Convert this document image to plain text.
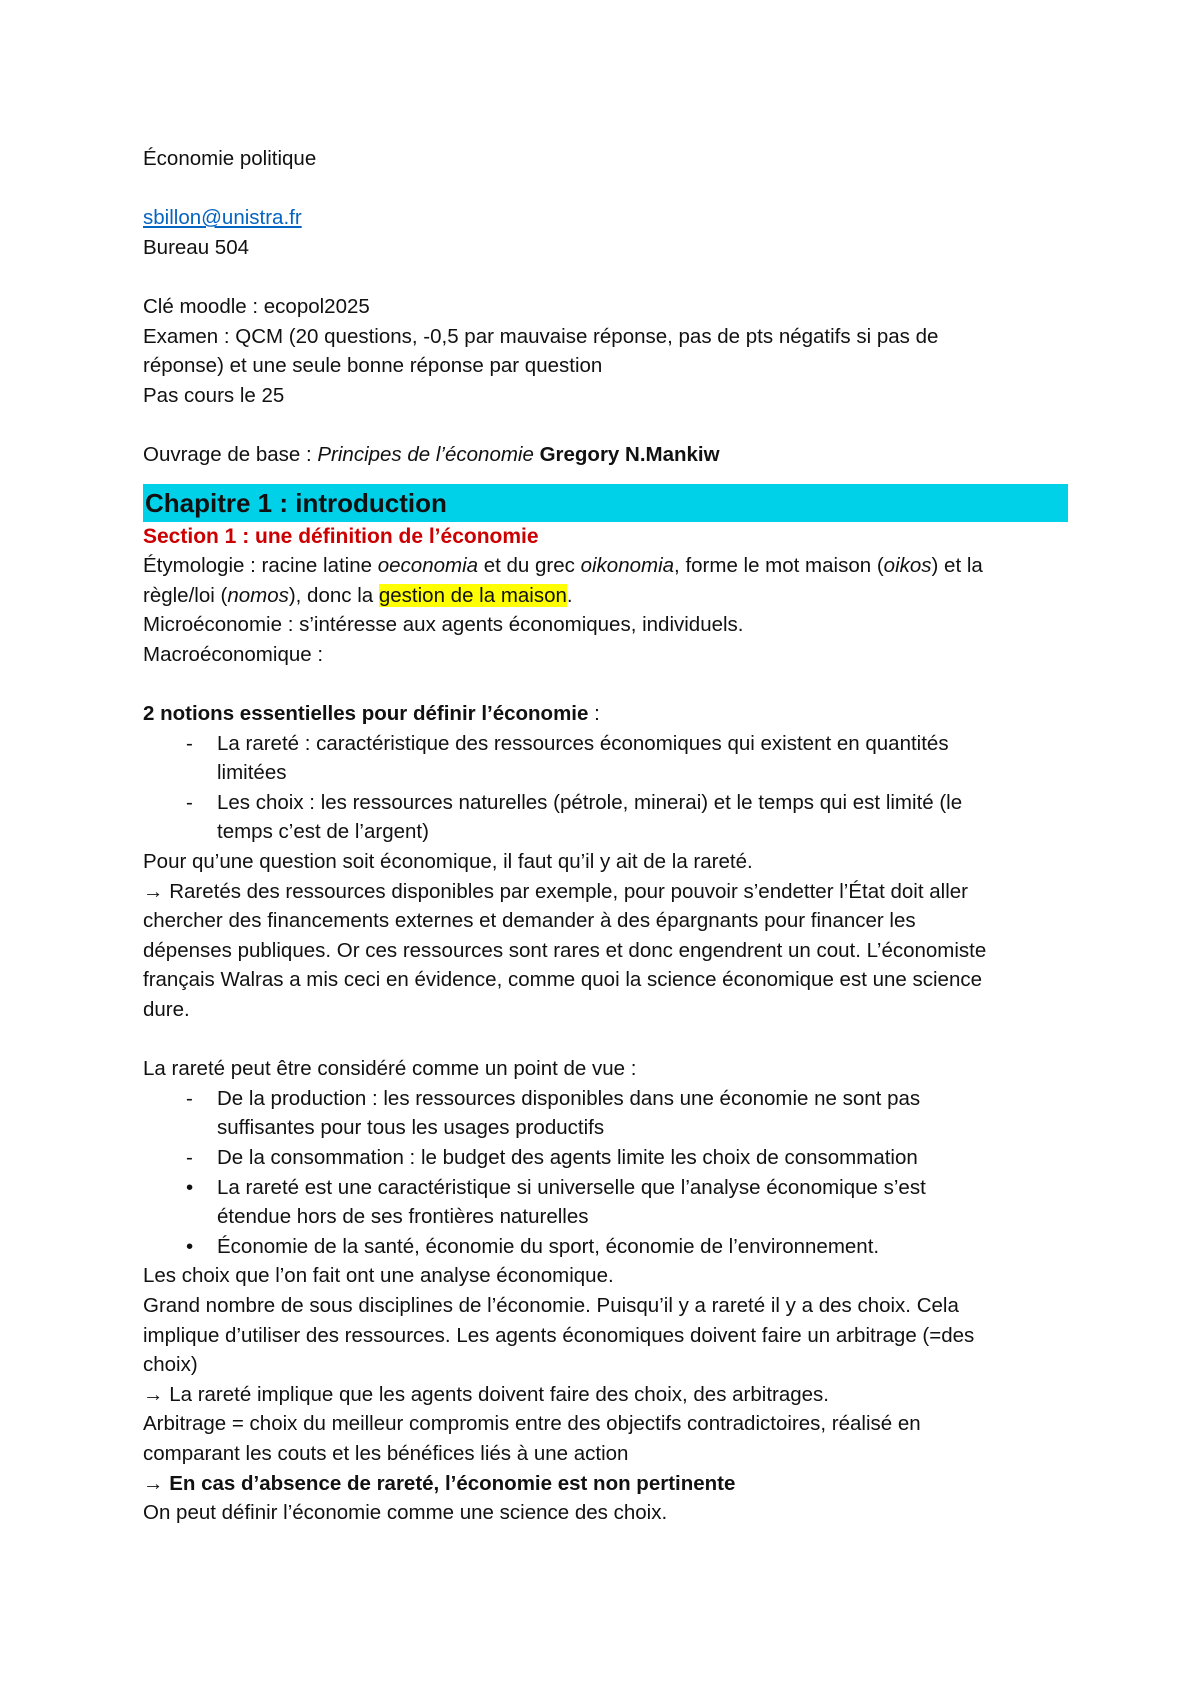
Économie politique
sbillon@unistra.fr
Bureau 504
Clé moodle : ecopol2025
Examen : QCM (20 questions, -0,5 par mauvaise réponse, pas de pts négatifs si pas de
réponse) et une seule bonne réponse par question
Pas cours le 25
Ouvrage de base : Principes de l’économie Gregory N.Mankiw
Chapitre 1 : introduction
Section 1 : une définition de l’économie
Étymologie : racine latine oeconomia et du grec oikonomia, forme le mot maison (oikos) et la
règle/loi (nomos), donc la gestion de la maison.
Microéconomie : s’intéresse aux agents économiques, individuels.
Macroéconomique :
2 notions essentielles pour définir l’économie :
-	La rareté : caractéristique des ressources économiques qui existent en quantités
limitées
-	Les choix : les ressources naturelles (pétrole, minerai) et le temps qui est limité (le
temps c’est de l’argent)
Pour qu’une question soit économique, il faut qu’il y ait de la rareté.
→ Raretés des ressources disponibles par exemple, pour pouvoir s’endetter l’État doit aller
chercher des financements externes et demander à des épargnants pour financer les
dépenses publiques. Or ces ressources sont rares et donc engendrent un cout. L’économiste
français Walras a mis ceci en évidence, comme quoi la science économique est une science
dure.
La rareté peut être considéré comme un point de vue :
-	De la production : les ressources disponibles dans une économie ne sont pas
suffisantes pour tous les usages productifs
-	De la consommation : le budget des agents limite les choix de consommation
•	La rareté est une caractéristique si universelle que l’analyse économique s’est
étendue hors de ses frontières naturelles
•	Économie de la santé, économie du sport, économie de l’environnement.
Les choix que l’on fait ont une analyse économique.
Grand nombre de sous disciplines de l’économie. Puisqu’il y a rareté il y a des choix. Cela
implique d’utiliser des ressources. Les agents économiques doivent faire un arbitrage (=des
choix)
→ La rareté implique que les agents doivent faire des choix, des arbitrages.
Arbitrage = choix du meilleur compromis entre des objectifs contradictoires, réalisé en
comparant les couts et les bénéfices liés à une action
→ En cas d’absence de rareté, l’économie est non pertinente
On peut définir l’économie comme une science des choix.
